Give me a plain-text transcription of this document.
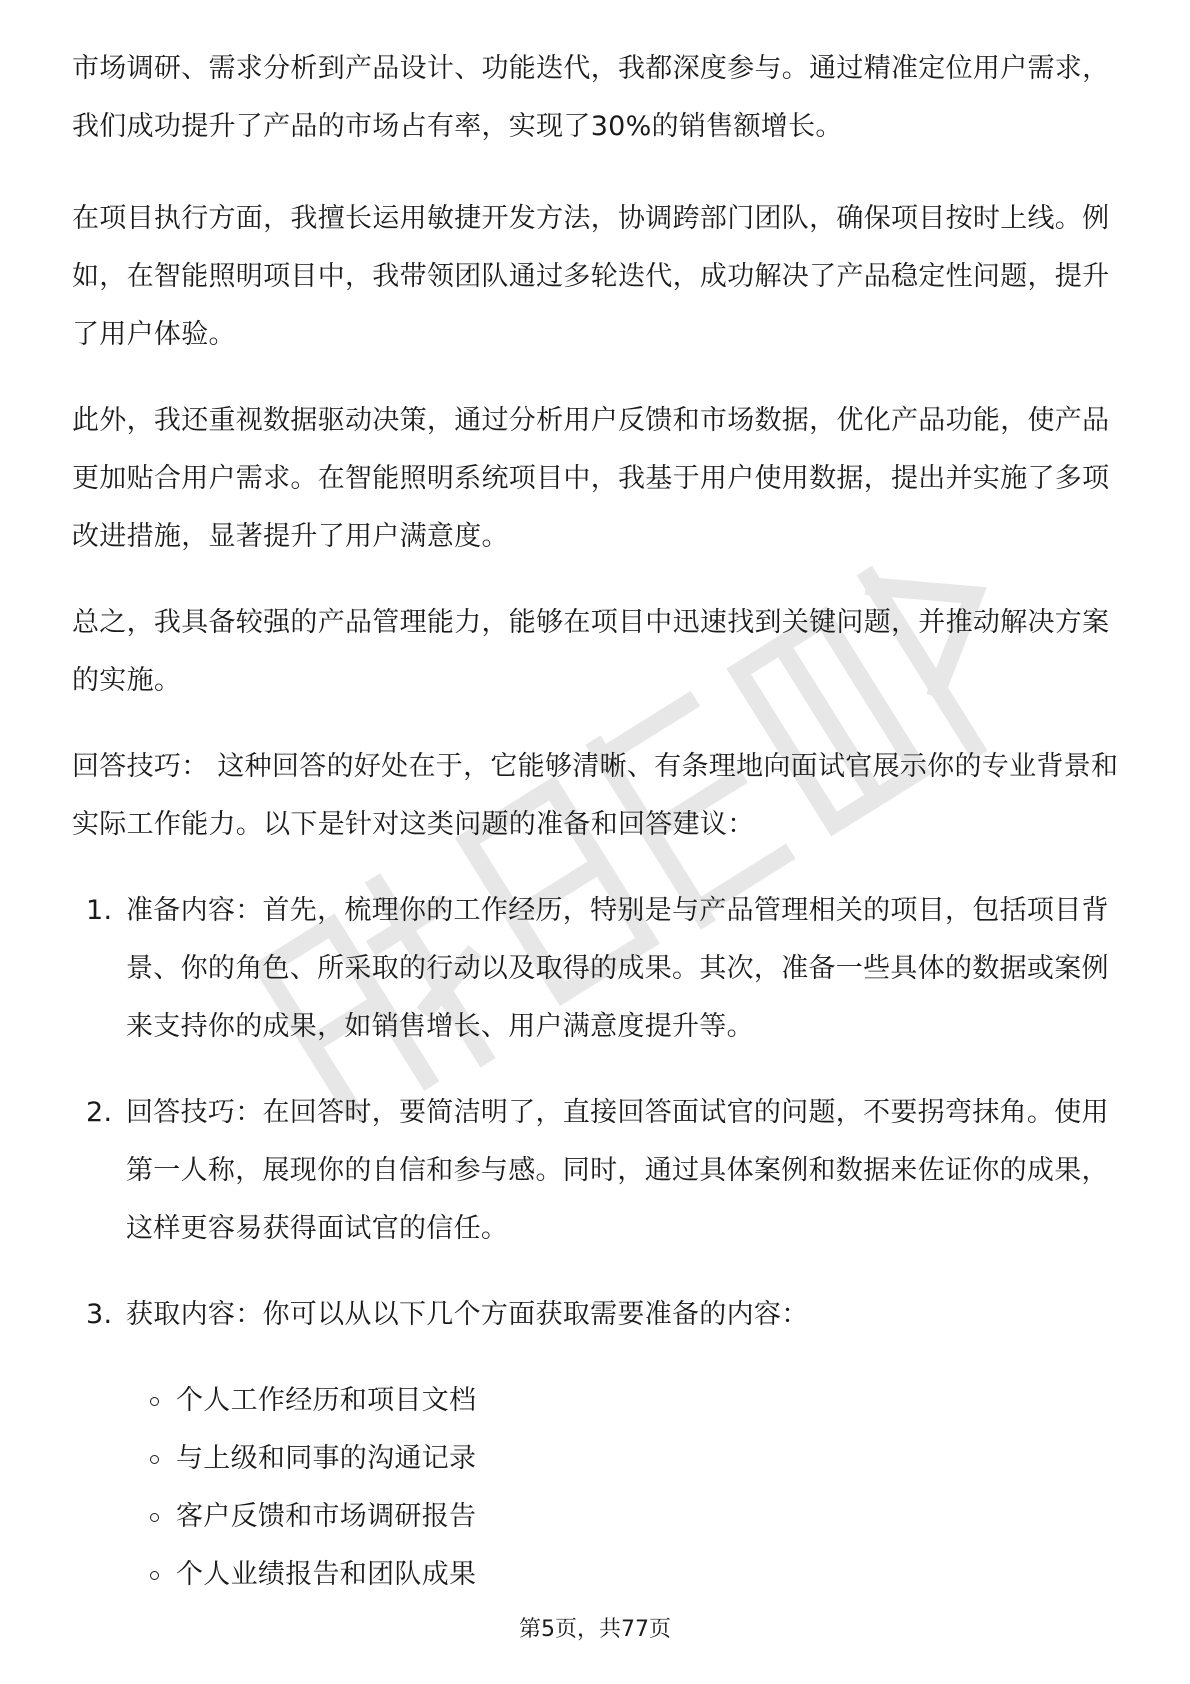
市场调研、需求分析到产品设计、功能迭代，我都深度参与。通过精准定位用户需求，我们成功提升了产品的市场占有率，实现了30%的销售额增长。

在项目执行方面，我擅长运用敏捷开发方法，协调跨部门团队，确保项目按时上线。例如，在智能照明项目中，我带领团队通过多轮迭代，成功解决了产品稳定性问题，提升了用户体验。

此外，我还重视数据驱动决策，通过分析用户反馈和市场数据，优化产品功能，使产品更加贴合用户需求。在智能照明系统项目中，我基于用户使用数据，提出并实施了多项改进措施，显著提升了用户满意度。

总之，我具备较强的产品管理能力，能够在项目中迅速找到关键问题，并推动解决方案的实施。

回答技巧： 这种回答的好处在于，它能够清晰、有条理地向面试官展示你的专业背景和实际工作能力。以下是针对这类问题的准备和回答建议：

1. 准备内容：首先，梳理你的工作经历，特别是与产品管理相关的项目，包括项目背景、你的角色、所采取的行动以及取得的成果。其次，准备一些具体的数据或案例来支持你的成果，如销售增长、用户满意度提升等。
2. 回答技巧：在回答时，要简洁明了，直接回答面试官的问题，不要拐弯抹角。使用第一人称，展现你的自信和参与感。同时，通过具体案例和数据来佐证你的成果，这样更容易获得面试官的信任。
3. 获取内容：你可以从以下几个方面获取需要准备的内容：
个人工作经历和项目文档
与上级和同事的沟通记录
客户反馈和市场调研报告
个人业绩报告和团队成果
第5页，共77页
